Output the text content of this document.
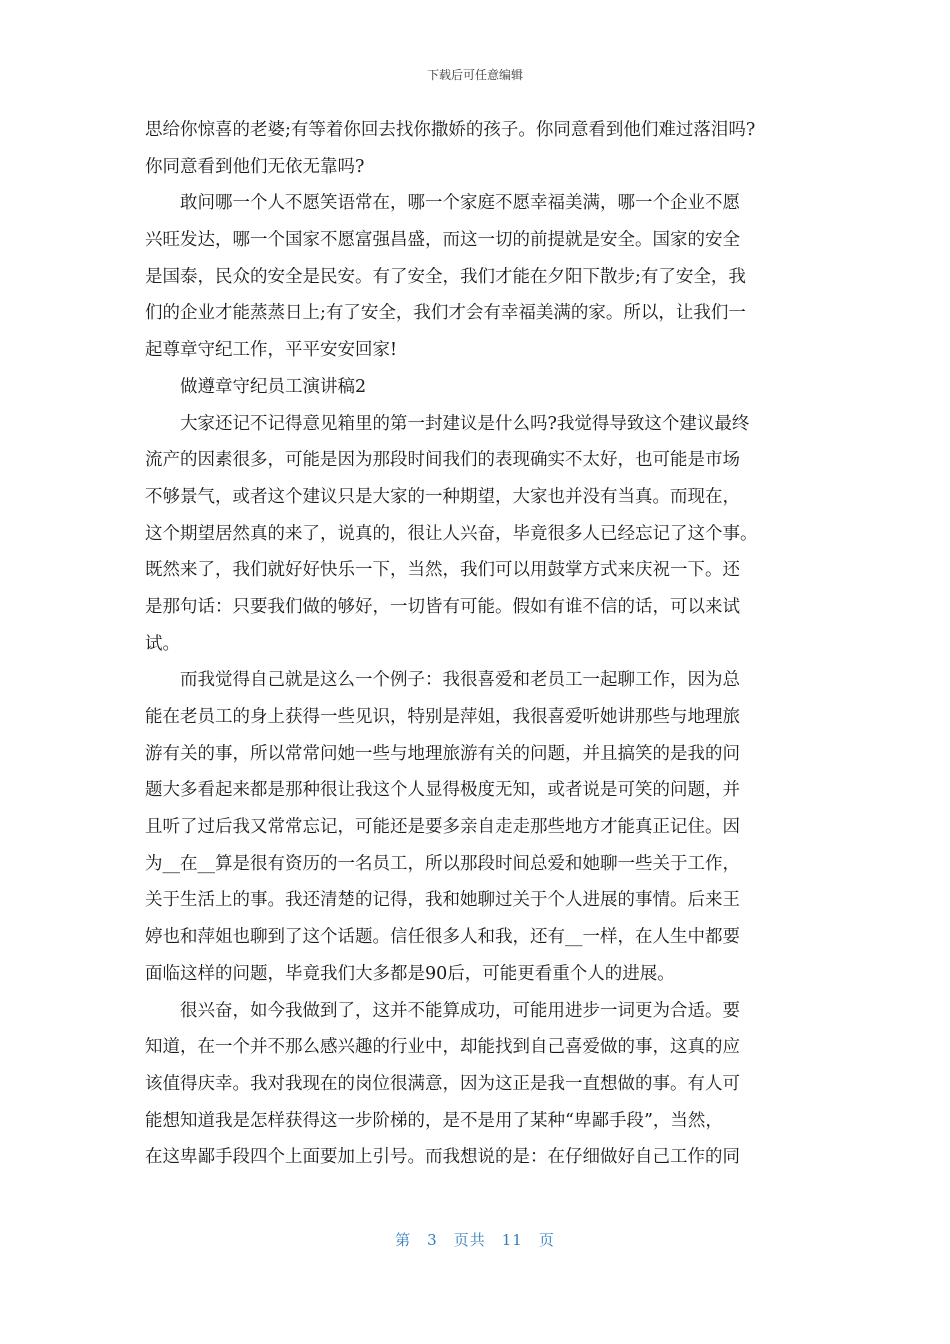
下载后可任意编辑
思给你惊喜的老婆;有等着你回去找你撒娇的孩子。你同意看到他们难过落泪吗?
你同意看到他们无依无靠吗?
敢问哪一个人不愿笑语常在，哪一个家庭不愿幸福美满，哪一个企业不愿
兴旺发达，哪一个国家不愿富强昌盛，而这一切的前提就是安全。国家的安全
是国泰，民众的安全是民安。有了安全，我们才能在夕阳下散步;有了安全，我
们的企业才能蒸蒸日上;有了安全，我们才会有幸福美满的家。所以，让我们一
起尊章守纪工作，平平安安回家!
做遵章守纪员工演讲稿2
大家还记不记得意见箱里的第一封建议是什么吗?我觉得导致这个建议最终
流产的因素很多，可能是因为那段时间我们的表现确实不太好，也可能是市场
不够景气，或者这个建议只是大家的一种期望，大家也并没有当真。而现在，
这个期望居然真的来了，说真的，很让人兴奋，毕竟很多人已经忘记了这个事。
既然来了，我们就好好快乐一下，当然，我们可以用鼓掌方式来庆祝一下。还
是那句话：只要我们做的够好，一切皆有可能。假如有谁不信的话，可以来试
试。
而我觉得自己就是这么一个例子：我很喜爱和老员工一起聊工作，因为总
能在老员工的身上获得一些见识，特别是萍姐，我很喜爱听她讲那些与地理旅
游有关的事，所以常常问她一些与地理旅游有关的问题，并且搞笑的是我的问
题大多看起来都是那种很让我这个人显得极度无知，或者说是可笑的问题，并
且听了过后我又常常忘记，可能还是要多亲自走走那些地方才能真正记住。因
为__在__算是很有资历的一名员工，所以那段时间总爱和她聊一些关于工作，
关于生活上的事。我还清楚的记得，我和她聊过关于个人进展的事情。后来王
婷也和萍姐也聊到了这个话题。信任很多人和我，还有__一样，在人生中都要
面临这样的问题，毕竟我们大多都是90后，可能更看重个人的进展。
很兴奋，如今我做到了，这并不能算成功，可能用进步一词更为合适。要
知道，在一个并不那么感兴趣的行业中，却能找到自己喜爱做的事，这真的应
该值得庆幸。我对我现在的岗位很满意，因为这正是我一直想做的事。有人可
能想知道我是怎样获得这一步阶梯的，是不是用了某种“卑鄙手段”，当然，
在这卑鄙手段四个上面要加上引号。而我想说的是：在仔细做好自己工作的同
第 3 页共 11 页
